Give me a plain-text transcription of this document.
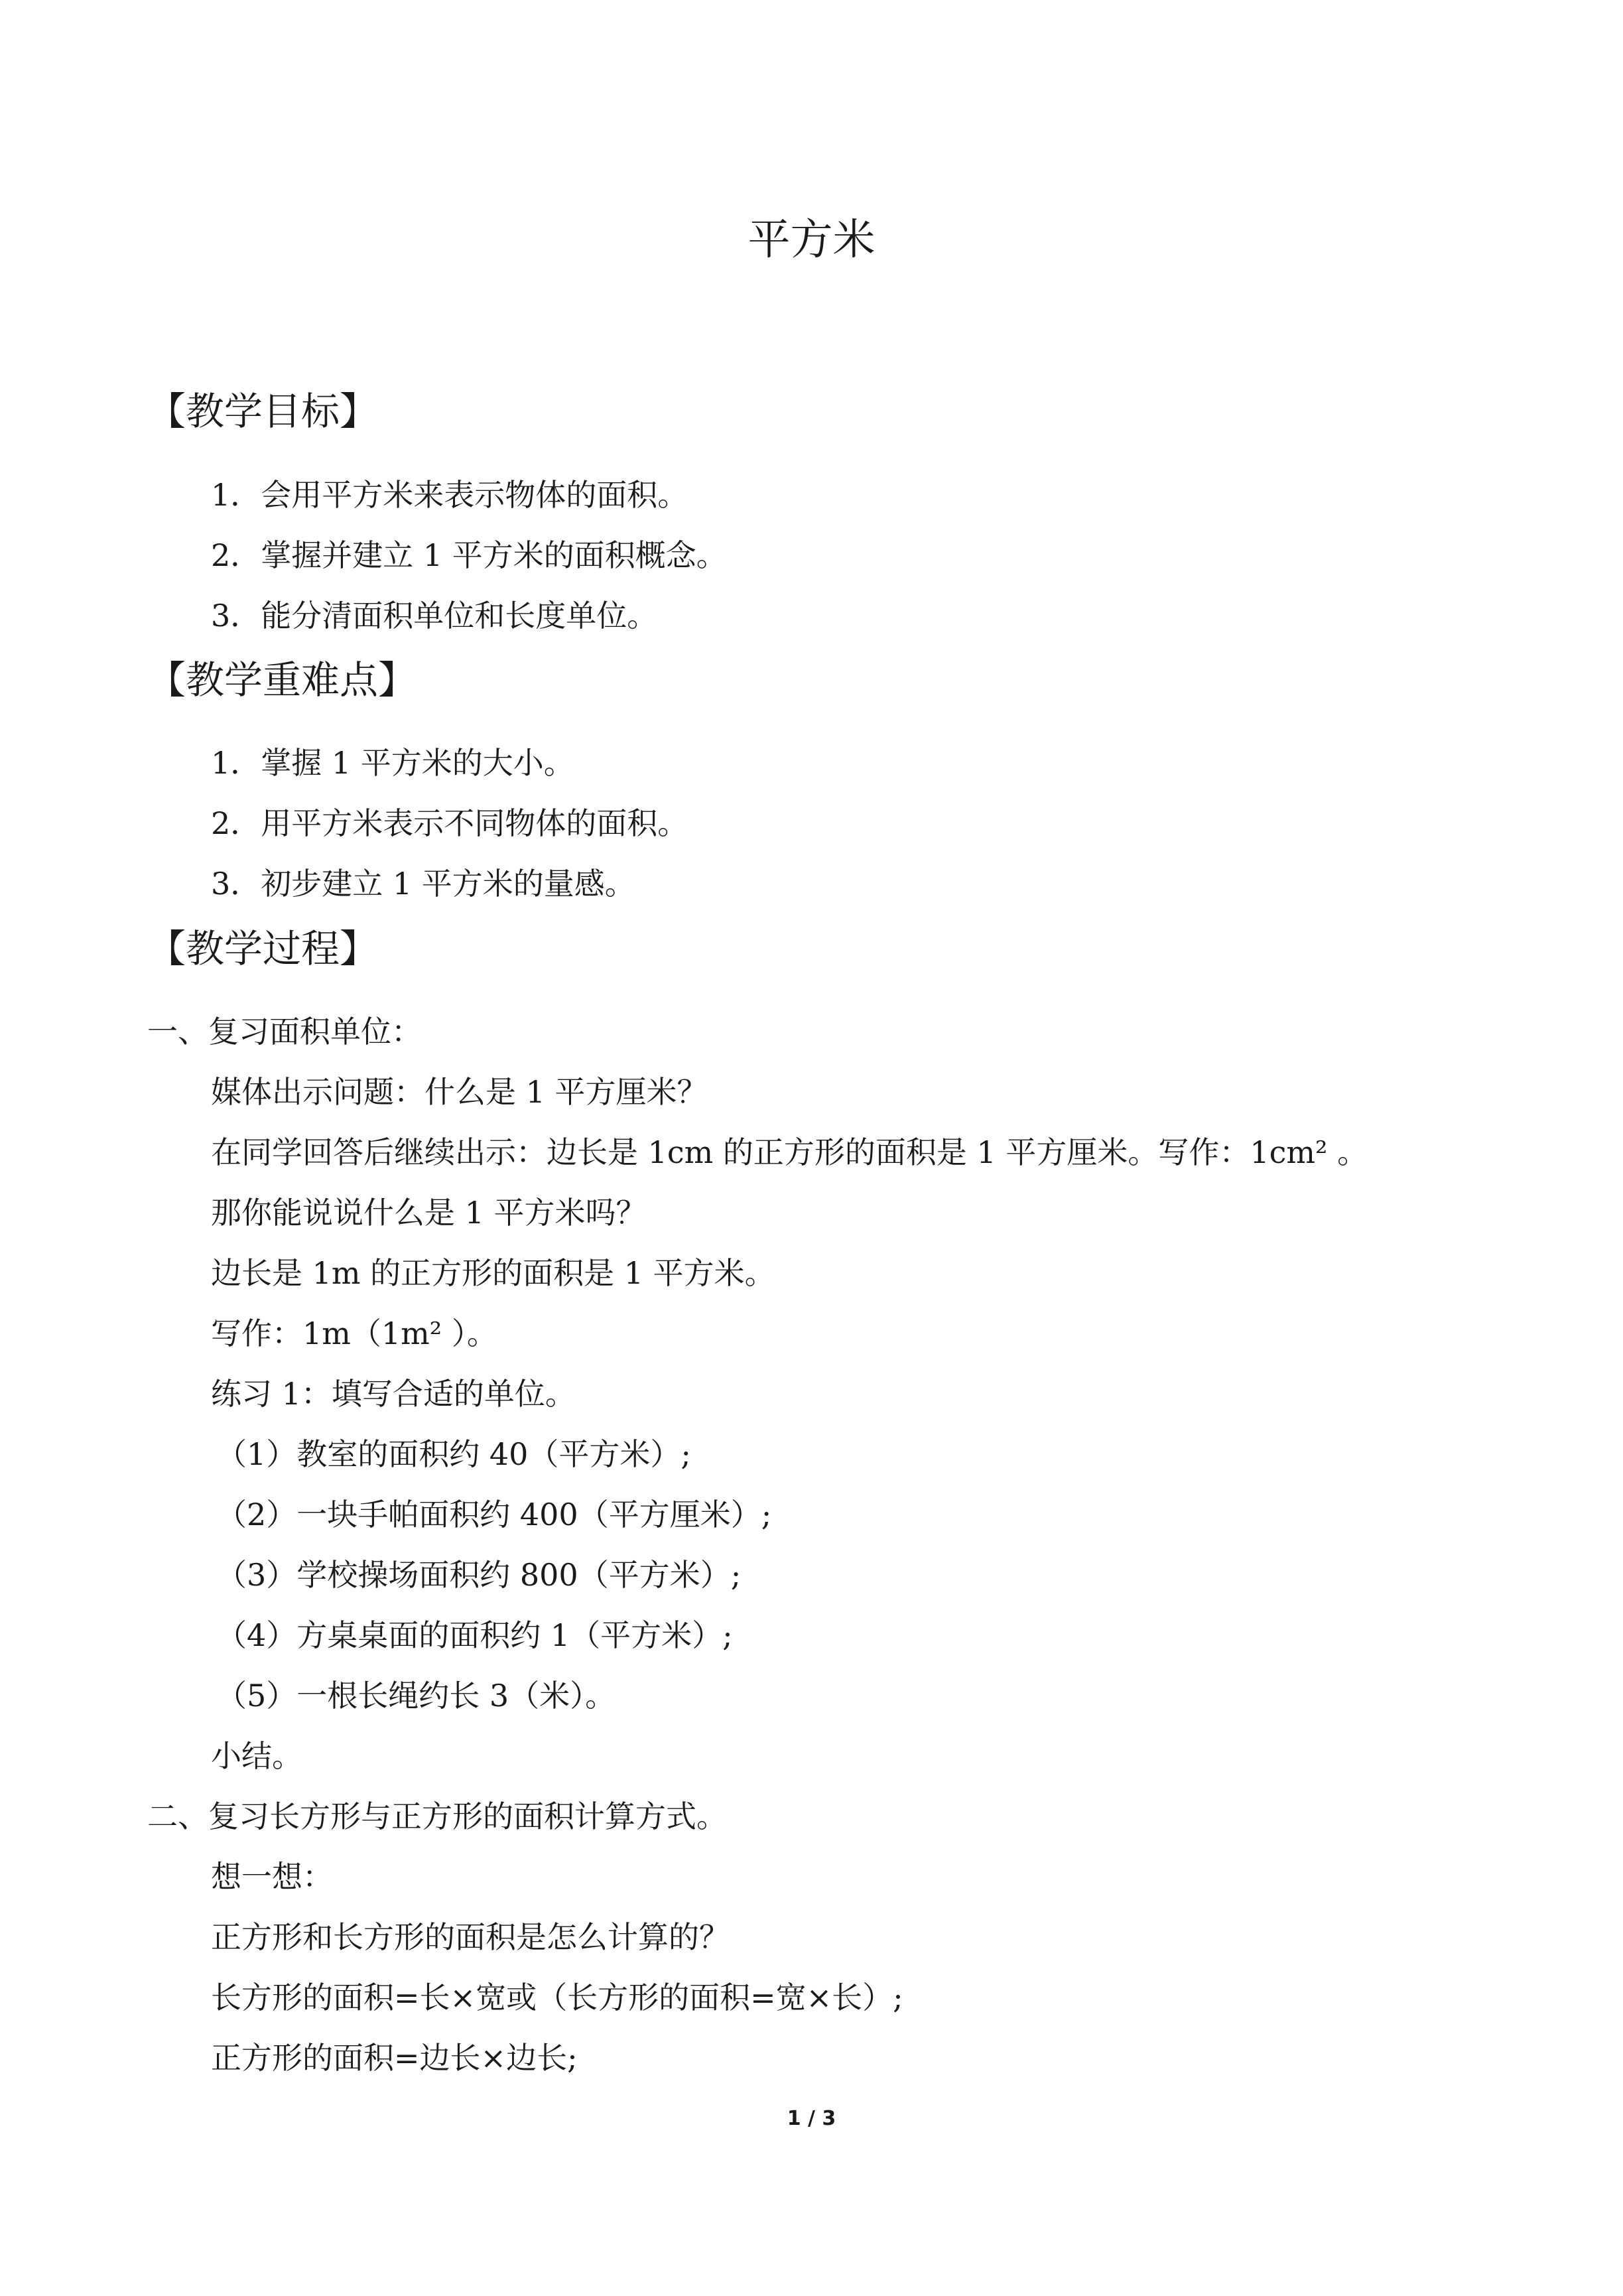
平方米
【教学目标】
1．会用平方米来表示物体的面积。
2．掌握并建立 1 平方米的面积概念。
3．能分清面积单位和长度单位。
【教学重难点】
1．掌握 1 平方米的大小。
2．用平方米表示不同物体的面积。
3．初步建立 1 平方米的量感。
【教学过程】
一、复习面积单位：
媒体出示问题：什么是 1 平方厘米？
在同学回答后继续出示：边长是 1cm 的正方形的面积是 1 平方厘米。写作：1cm² 。
那你能说说什么是 1 平方米吗？
边长是 1m 的正方形的面积是 1 平方米。
写作：1m（1m² ）。
练习 1：填写合适的单位。
（1）教室的面积约 40（平方米）;
（2）一块手帕面积约 400（平方厘米）;
（3）学校操场面积约 800（平方米）;
（4）方桌桌面的面积约 1（平方米）;
（5）一根长绳约长 3（米）。
小结。
二、复习长方形与正方形的面积计算方式。
想一想：
正方形和长方形的面积是怎么计算的？
长方形的面积=长×宽或（长方形的面积=宽×长）;
正方形的面积=边长×边长;
1 / 3
